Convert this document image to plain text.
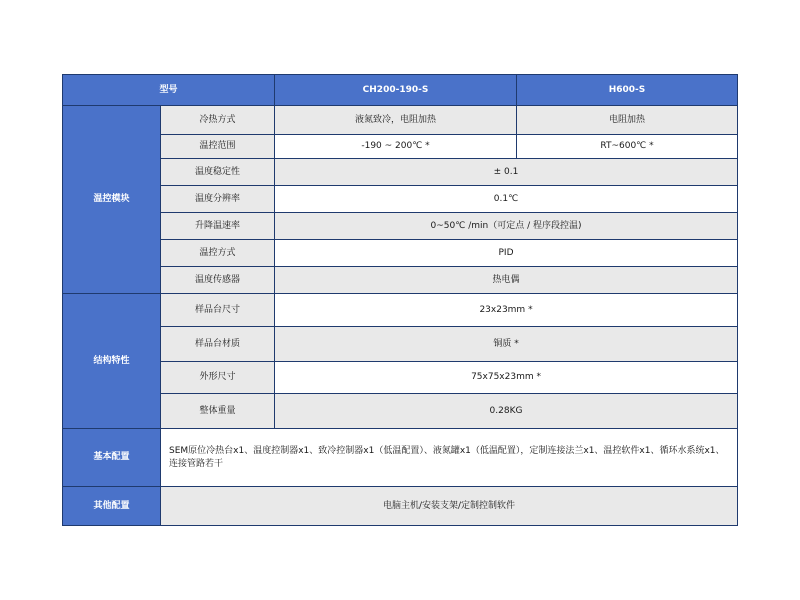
型号		CH200-190-S	H600-S
温控模块	冷热方式	液氮致冷，电阻加热	电阻加热
	温控范围	-190 ~ 200℃ *	RT~600℃ *
	温度稳定性	± 0.1	
	温度分辨率	0.1℃	
	升降温速率	0~50℃ /min（可定点 / 程序段控温)	
	温控方式	PID	
	温度传感器	热电偶	
结构特性	样品台尺寸	23x23mm *	
	样品台材质	铜质 *	
	外形尺寸	75x75x23mm *	
	整体重量	0.28KG	
基本配置	SEM原位冷热台x1、温度控制器x1、致冷控制器x1（低温配置）、液氮罐x1（低温配置），定制连接法兰x1、温控软件x1、循环水系统x1、连接管路若干		
其他配置	电脑主机/安装支架/定制控制软件		
